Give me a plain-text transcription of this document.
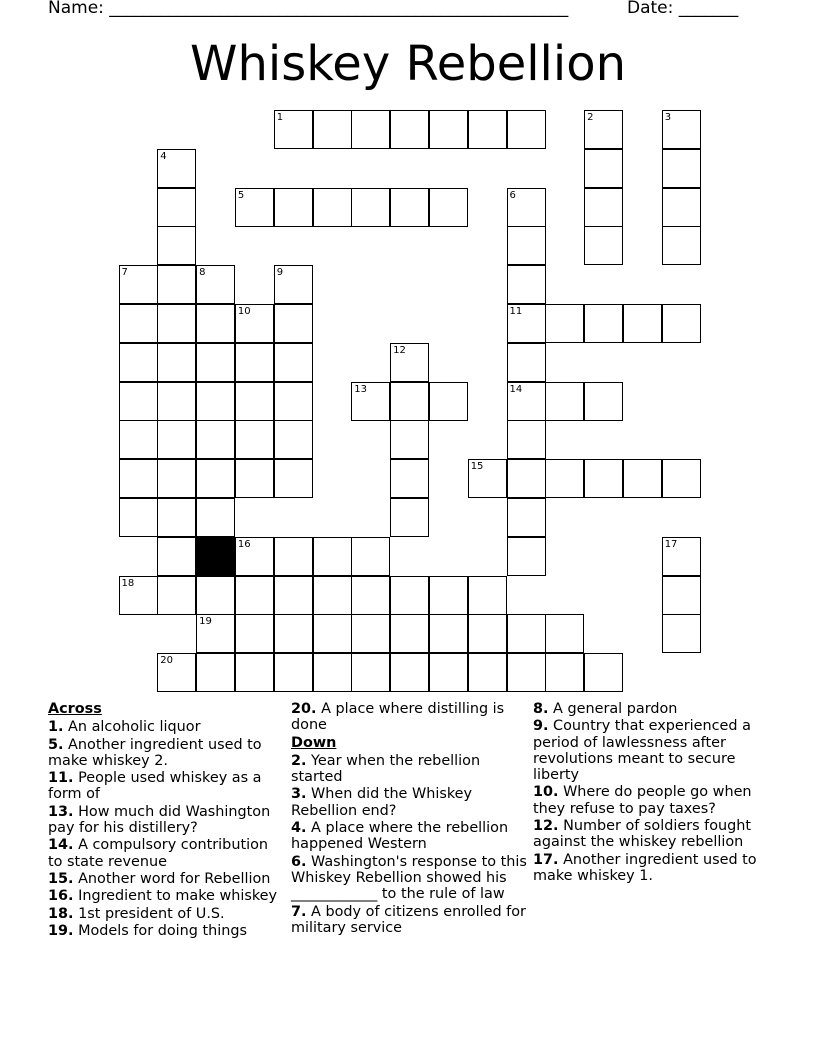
Name: ______________________________________________________	Date: _______
Whiskey Rebellion
1	2	3
4
5	6
7	8	9
10	11
12
13	14
15
16	17
18
19
20
Across
1. An alcoholic liquor
5. Another ingredient used to make whiskey 2.
11. People used whiskey as a form of
13. How much did Washington pay for his distillery?
14. A compulsory contribution to state revenue
15. Another word for Rebellion
16. Ingredient to make whiskey
18. 1st president of U.S.
19. Models for doing things
20. A place where distilling is done
Down
2. Year when the rebellion started
3. When did the Whiskey Rebellion end?
4. A place where the rebellion happened Western
6. Washington's response to this Whiskey Rebellion showed his ____________ to the rule of law
7. A body of citizens enrolled for military service
8. A general pardon
9. Country that experienced a period of lawlessness after revolutions meant to secure liberty
10. Where do people go when they refuse to pay taxes?
12. Number of soldiers fought against the whiskey rebellion
17. Another ingredient used to make whiskey 1.
